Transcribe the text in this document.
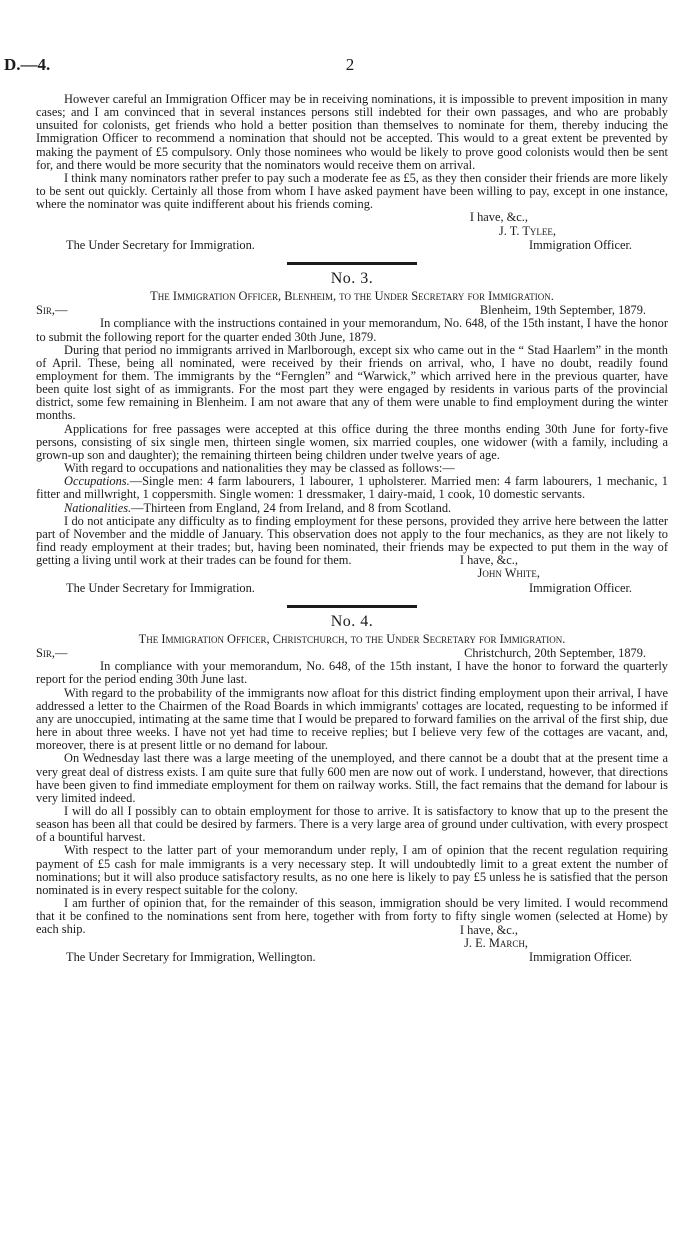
D.—4.	2

However careful an Immigration Officer may be in receiving nominations, it is impossible to prevent imposition in many cases; and I am convinced that in several instances persons still indebted for their own passages, and who are probably unsuited for colonists, get friends who hold a better position than themselves to nominate for them, thereby inducing the Immigration Officer to recommend a nomination that should not be accepted. This would to a great extent be prevented by making the payment of £5 compulsory. Only those nominees who would be likely to prove good colonists would then be sent for, and there would be more security that the nominators would receive them on arrival.

I think many nominators rather prefer to pay such a moderate fee as £5, as they then consider their friends are more likely to be sent out quickly. Certainly all those from whom I have asked payment have been willing to pay, except in one instance, where the nominator was quite indifferent about his friends coming.

I have, &c.,
J. T. Tylee,
The Under Secretary for Immigration.	Immigration Officer.
No. 3.
The Immigration Officer, Blenheim, to the Under Secretary for Immigration.
Sir,—	Blenheim, 19th September, 1879.

In compliance with the instructions contained in your memorandum, No. 648, of the 15th instant, I have the honor to submit the following report for the quarter ended 30th June, 1879.

During that period no immigrants arrived in Marlborough, except six who came out in the “ Stad Haarlem” in the month of April. These, being all nominated, were received by their friends on arrival, who, I have no doubt, readily found employment for them. The immigrants by the “Fernglen” and “Warwick,” which arrived here in the previous quarter, have been quite lost sight of as immigrants. For the most part they were engaged by residents in various parts of the provincial district, some few remaining in Blenheim. I am not aware that any of them were unable to find employment during the winter months.

Applications for free passages were accepted at this office during the three months ending 30th June for forty-five persons, consisting of six single men, thirteen single women, six married couples, one widower (with a family, including a grown-up son and daughter); the remaining thirteen being children under twelve years of age.

With regard to occupations and nationalities they may be classed as follows:—

Occupations.—Single men: 4 farm labourers, 1 labourer, 1 upholsterer. Married men: 4 farm labourers, 1 mechanic, 1 fitter and millwright, 1 coppersmith. Single women: 1 dressmaker, 1 dairy-maid, 1 cook, 10 domestic servants.

Nationalities.—Thirteen from England, 24 from Ireland, and 8 from Scotland.

I do not anticipate any difficulty as to finding employment for these persons, provided they arrive here between the latter part of November and the middle of January. This observation does not apply to the four mechanics, as they are not likely to find ready employment at their trades; but, having been nominated, their friends may be expected to put them in the way of getting a living until work at their trades can be found for them.	I have, &c.,
John White,
The Under Secretary for Immigration.	Immigration Officer.
No. 4.
The Immigration Officer, Christchurch, to the Under Secretary for Immigration.
Sir,—	Christchurch, 20th September, 1879.

In compliance with your memorandum, No. 648, of the 15th instant, I have the honor to forward the quarterly report for the period ending 30th June last.

With regard to the probability of the immigrants now afloat for this district finding employment upon their arrival, I have addressed a letter to the Chairmen of the Road Boards in which immigrants' cottages are located, requesting to be informed if any are unoccupied, intimating at the same time that I would be prepared to forward families on the arrival of the first ship, due here in about three weeks. I have not yet had time to receive replies; but I believe very few of the cottages are vacant, and, moreover, there is at present little or no demand for labour.

On Wednesday last there was a large meeting of the unemployed, and there cannot be a doubt that at the present time a very great deal of distress exists. I am quite sure that fully 600 men are now out of work. I understand, however, that directions have been given to find immediate employment for them on railway works. Still, the fact remains that the demand for labour is very limited indeed.

I will do all I possibly can to obtain employment for those to arrive. It is satisfactory to know that up to the present the season has been all that could be desired by farmers. There is a very large area of ground under cultivation, with every prospect of a bountiful harvest.

With respect to the latter part of your memorandum under reply, I am of opinion that the recent regulation requiring payment of £5 cash for male immigrants is a very necessary step. It will undoubtedly limit to a great extent the number of nominations; but it will also produce satisfactory results, as no one here is likely to pay £5 unless he is satisfied that the person nominated is in every respect suitable for the colony.

I am further of opinion that, for the remainder of this season, immigration should be very limited. I would recommend that it be confined to the nominations sent from here, together with from forty to fifty single women (selected at Home) by each ship.	I have, &c.,
J. E. March,
The Under Secretary for Immigration, Wellington.	Immigration Officer.
